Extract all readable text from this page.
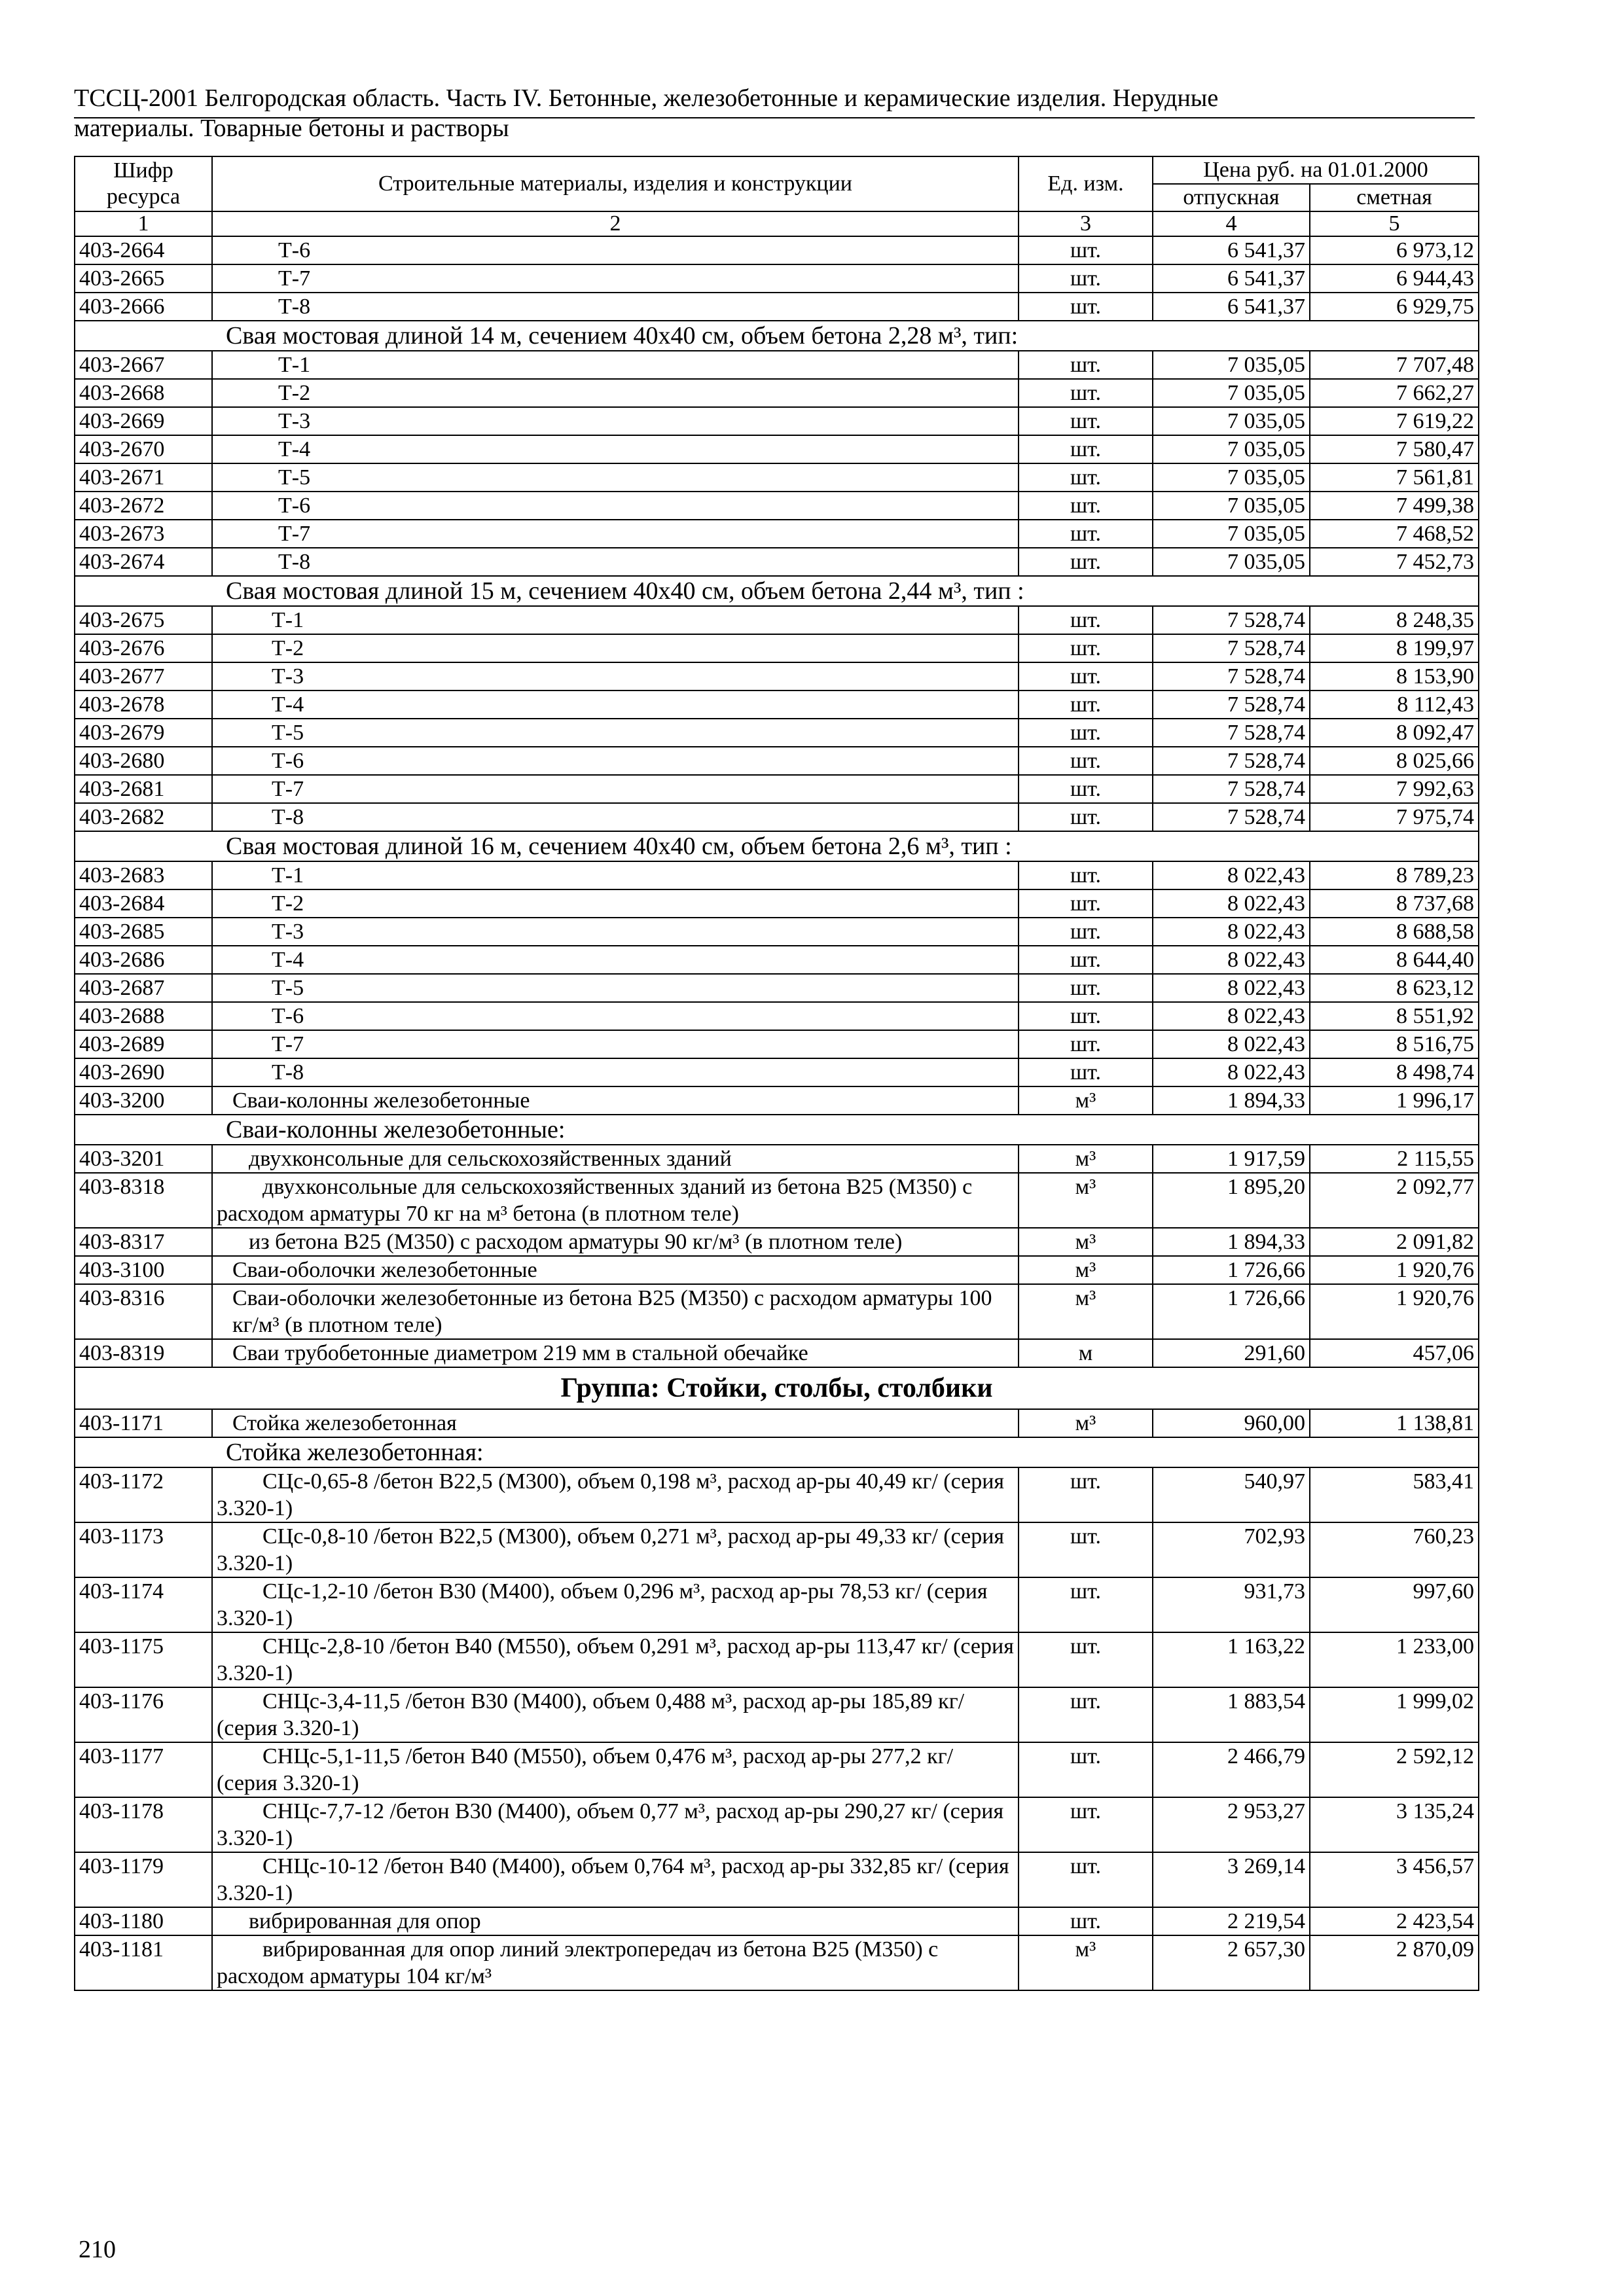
ТССЦ-2001 Белгородская область. Часть IV. Бетонные, железобетонные и керамические изделия. Нерудные
материалы. Товарные бетоны и растворы
Шифр ресурса	Строительные материалы, изделия и конструкции	Ед. изм.	Цена руб. на 01.01.2000	
			отпускная	сметная
1	2	3	4	5
403-2664	Т-6	шт.	6 541,37	6 973,12
403-2665	Т-7	шт.	6 541,37	6 944,43
403-2666	Т-8	шт.	6 541,37	6 929,75
Свая мостовая длиной 14 м, сечением 40х40 см, объем бетона 2,28 м³, тип:				
403-2667	Т-1	шт.	7 035,05	7 707,48
403-2668	Т-2	шт.	7 035,05	7 662,27
403-2669	Т-3	шт.	7 035,05	7 619,22
403-2670	Т-4	шт.	7 035,05	7 580,47
403-2671	Т-5	шт.	7 035,05	7 561,81
403-2672	Т-6	шт.	7 035,05	7 499,38
403-2673	Т-7	шт.	7 035,05	7 468,52
403-2674	Т-8	шт.	7 035,05	7 452,73
Свая мостовая длиной 15 м, сечением 40х40 см, объем бетона 2,44 м³, тип :				
403-2675	Т-1	шт.	7 528,74	8 248,35
403-2676	Т-2	шт.	7 528,74	8 199,97
403-2677	Т-3	шт.	7 528,74	8 153,90
403-2678	Т-4	шт.	7 528,74	8 112,43
403-2679	Т-5	шт.	7 528,74	8 092,47
403-2680	Т-6	шт.	7 528,74	8 025,66
403-2681	Т-7	шт.	7 528,74	7 992,63
403-2682	Т-8	шт.	7 528,74	7 975,74
Свая мостовая длиной 16 м, сечением 40х40 см, объем бетона 2,6 м³, тип :				
403-2683	Т-1	шт.	8 022,43	8 789,23
403-2684	Т-2	шт.	8 022,43	8 737,68
403-2685	Т-3	шт.	8 022,43	8 688,58
403-2686	Т-4	шт.	8 022,43	8 644,40
403-2687	Т-5	шт.	8 022,43	8 623,12
403-2688	Т-6	шт.	8 022,43	8 551,92
403-2689	Т-7	шт.	8 022,43	8 516,75
403-2690	Т-8	шт.	8 022,43	8 498,74
403-3200	Сваи-колонны железобетонные	м³	1 894,33	1 996,17
Сваи-колонны железобетонные:				
403-3201	двухконсольные для сельскохозяйственных зданий	м³	1 917,59	2 115,55
403-8318	двухконсольные для сельскохозяйственных зданий из бетона В25 (М350) с расходом арматуры 70 кг на м³ бетона (в плотном теле)	м³	1 895,20	2 092,77
403-8317	из бетона В25 (М350) с расходом арматуры 90 кг/м³ (в плотном теле)	м³	1 894,33	2 091,82
403-3100	Сваи-оболочки железобетонные	м³	1 726,66	1 920,76
403-8316	Сваи-оболочки железобетонные из бетона В25 (М350) с расходом арматуры 100 кг/м³ (в плотном теле)	м³	1 726,66	1 920,76
403-8319	Сваи трубобетонные диаметром 219 мм в стальной обечайке	м	291,60	457,06
Группа: Стойки, столбы, столбики				
403-1171	Стойка железобетонная	м³	960,00	1 138,81
Стойка железобетонная:				
403-1172	СЦс-0,65-8 /бетон В22,5 (М300), объем 0,198 м³, расход ар-ры 40,49 кг/ (серия 3.320-1)	шт.	540,97	583,41
403-1173	СЦс-0,8-10 /бетон В22,5 (М300), объем 0,271 м³, расход ар-ры 49,33 кг/ (серия 3.320-1)	шт.	702,93	760,23
403-1174	СЦс-1,2-10 /бетон В30 (М400), объем 0,296 м³, расход ар-ры 78,53 кг/ (серия 3.320-1)	шт.	931,73	997,60
403-1175	СНЦс-2,8-10 /бетон В40 (М550), объем 0,291 м³, расход ар-ры 113,47 кг/ (серия 3.320-1)	шт.	1 163,22	1 233,00
403-1176	СНЦс-3,4-11,5 /бетон В30 (М400), объем 0,488 м³, расход ар-ры 185,89 кг/ (серия 3.320-1)	шт.	1 883,54	1 999,02
403-1177	СНЦс-5,1-11,5 /бетон В40 (М550), объем 0,476 м³, расход ар-ры 277,2 кг/ (серия 3.320-1)	шт.	2 466,79	2 592,12
403-1178	СНЦс-7,7-12 /бетон В30 (М400), объем 0,77 м³, расход ар-ры 290,27 кг/ (серия 3.320-1)	шт.	2 953,27	3 135,24
403-1179	СНЦс-10-12 /бетон В40 (М400), объем 0,764 м³, расход ар-ры 332,85 кг/ (серия 3.320-1)	шт.	3 269,14	3 456,57
403-1180	вибрированная для опор	шт.	2 219,54	2 423,54
403-1181	вибрированная для опор линий электропередач из бетона В25 (М350) с расходом арматуры 104 кг/м³	м³	2 657,30	2 870,09
210
